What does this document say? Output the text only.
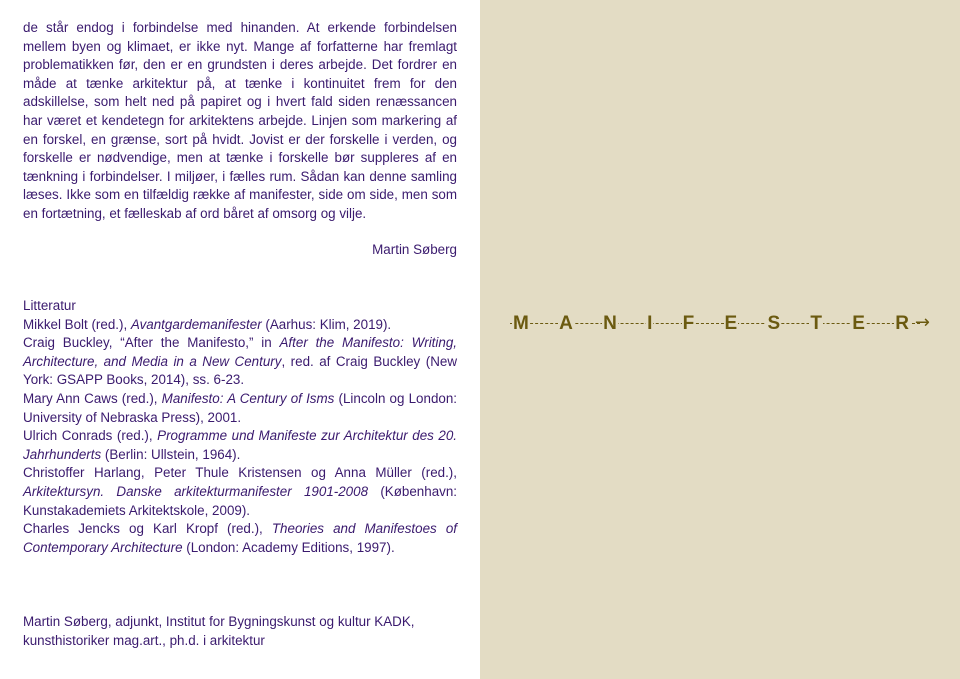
de står endog i forbindelse med hinanden. At erkende forbindelsen mellem byen og klimaet, er ikke nyt. Mange af forfatterne har fremlagt problematikken før, den er en grundsten i deres arbejde. Det fordrer en måde at tænke arkitektur på, at tænke i kontinuitet frem for den adskillelse, som helt ned på papiret og i hvert fald siden renæssancen har været et kendetegn for arkitektens arbejde. Linjen som markering af en forskel, en grænse, sort på hvidt. Jovist er der forskelle i verden, og forskelle er nødvendige, men at tænke i forskelle bør suppleres af en tænkning i forbindelser. I miljøer, i fælles rum. Sådan kan denne samling læses. Ikke som en tilfældig række af manifester, side om side, men som en fortætning, et fælleskab af ord båret af omsorg og vilje.
Martin Søberg
Litteratur
Mikkel Bolt (red.), Avantgardemanifester (Aarhus: Klim, 2019).
Craig Buckley, “After the Manifesto,” in After the Manifesto: Writing, Architecture, and Media in a New Century, red. af Craig Buckley (New York: GSAPP Books, 2014), ss. 6-23.
Mary Ann Caws (red.), Manifesto: A Century of Isms (Lincoln og London: University of Nebraska Press), 2001.
Ulrich Conrads (red.), Programme und Manifeste zur Architektur des 20. Jahrhunderts (Berlin: Ullstein, 1964).
Christoffer Harlang, Peter Thule Kristensen og Anna Müller (red.), Arkitektursyn. Danske arkitekturmanifester 1901-2008 (København: Kunstakademiets Arkitektskole, 2009).
Charles Jencks og Karl Kropf (red.), Theories and Manifestoes of Contemporary Architecture (London: Academy Editions, 1997).
Martin Søberg, adjunkt, Institut for Bygningskunst og kultur KADK,
kunsthistoriker mag.art., ph.d. i arkitektur
M A N I F E S T E R →
